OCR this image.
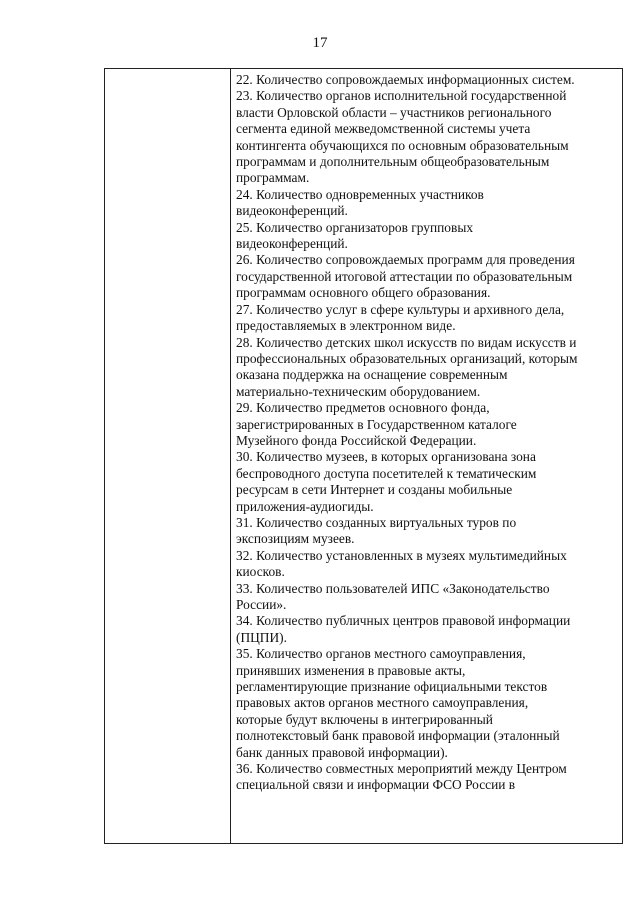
17

22. Количество сопровождаемых информационных систем.

23. Количество органов исполнительной государственной
власти Орловской области – участников регионального
сегмента единой межведомственной системы учета
контингента обучающихся по основным образовательным
программам и дополнительным общеобразовательным
программам.

24. Количество одновременных участников
видеоконференций.

25. Количество организаторов групповых
видеоконференций.

26. Количество сопровождаемых программ для проведения
государственной итоговой аттестации по образовательным
программам основного общего образования.

27. Количество услуг в сфере культуры и архивного дела,
предоставляемых в электронном виде.

28. Количество детских школ искусств по видам искусств и
профессиональных образовательных организаций, которым
оказана поддержка на оснащение современным
материально-техническим оборудованием.

29. Количество предметов основного фонда,
зарегистрированных в Государственном каталоге
Музейного фонда Российской Федерации.

30. Количество музеев, в которых организована зона
беспроводного доступа посетителей к тематическим
ресурсам в сети Интернет и созданы мобильные
приложения-аудиогиды.

31. Количество созданных виртуальных туров по
экспозициям музеев.

32. Количество установленных в музеях мультимедийных
киосков.

33. Количество пользователей ИПС «Законодательство
России».

34. Количество публичных центров правовой информации
(ПЦПИ).

35. Количество органов местного самоуправления,
принявших изменения в правовые акты,
регламентирующие признание официальными текстов
правовых актов органов местного самоуправления,
которые будут включены в интегрированный
полнотекстовый банк правовой информации (эталонный
банк данных правовой информации).

36. Количество совместных мероприятий между Центром
специальной связи и информации ФСО России в
